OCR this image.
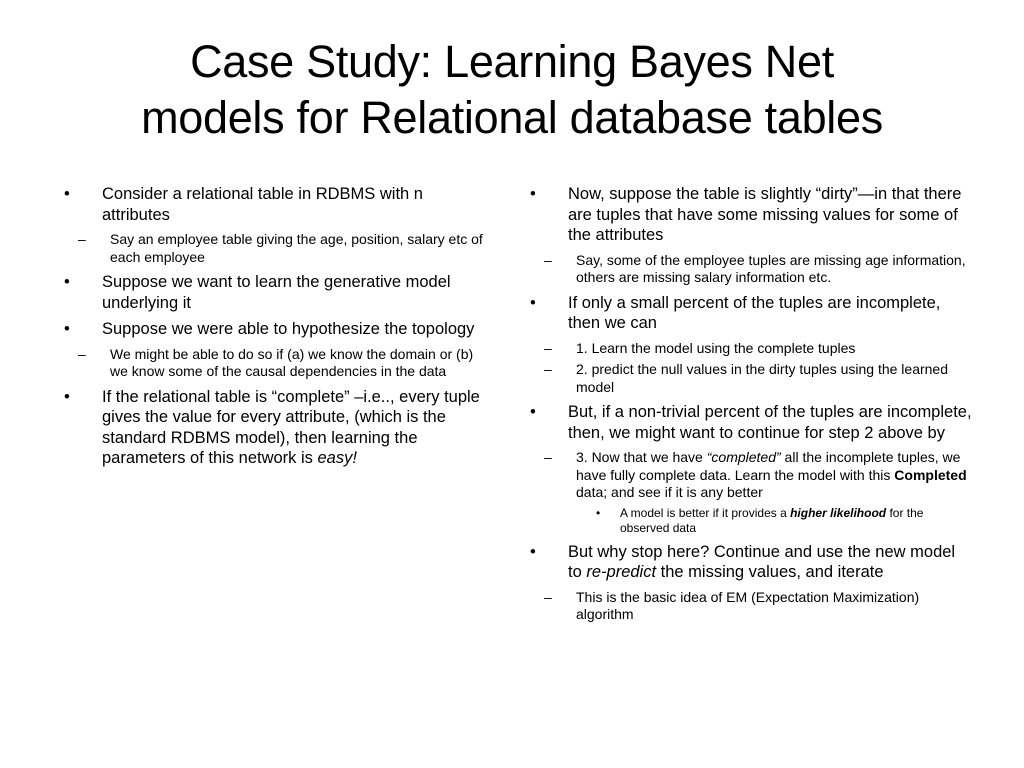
Case Study: Learning Bayes Net
models for Relational database tables
•	Consider a relational table in RDBMS with n attributes
– Say an employee table giving the age, position, salary etc of each employee
•	Suppose we want to learn the generative model underlying it
•	Suppose we were able to hypothesize the topology
– We might be able to do so if (a) we know the domain or (b) we know some of the causal dependencies in the data
•	If the relational table is “complete” –i.e.., every tuple gives the value for every attribute, (which is the standard RDBMS model), then learning the parameters of this network is easy!
•	Now, suppose the table is slightly “dirty”—in that there are tuples that have some missing values for some of the attributes
– Say, some of the employee tuples are missing age information, others are missing salary information etc.
•	If only a small percent of the tuples are incomplete, then we can
– 1. Learn the model using the complete tuples
– 2. predict the null values in the dirty tuples using the learned model
•	But, if a non-trivial percent of the tuples are incomplete, then, we might want to continue for step 2 above by
– 3. Now that we have “completed” all the incomplete tuples, we have fully complete data. Learn the model with this Completed data; and see if it is any better
• A model is better if it provides a higher likelihood for the observed data
•	But why stop here? Continue and use the new model to re-predict the missing values, and iterate
– This is the basic idea of EM (Expectation Maximization) algorithm
